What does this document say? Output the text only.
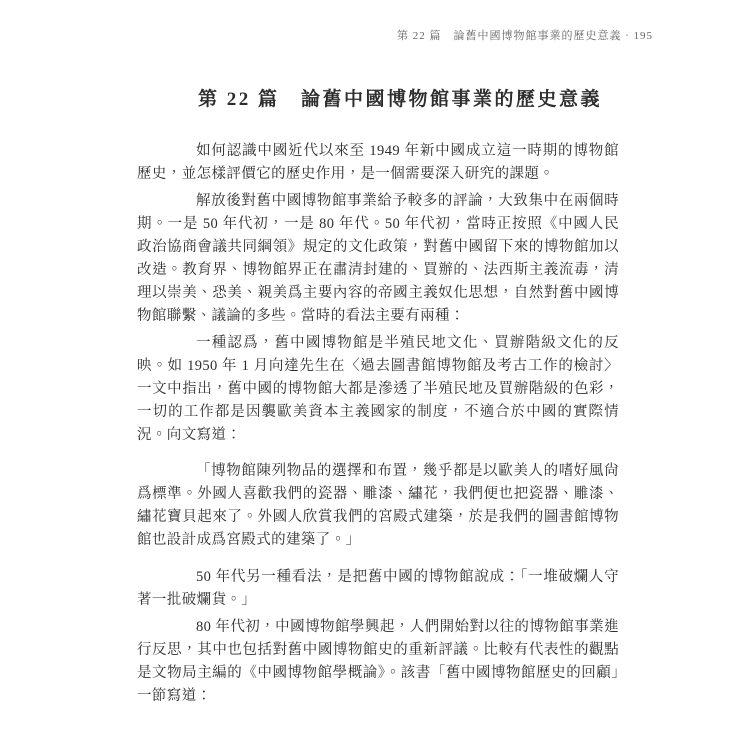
第 22 篇　論舊中國博物館事業的歷史意義‧195
第 22 篇　論舊中國博物館事業的歷史意義

如何認識中國近代以來至 1949 年新中國成立這一時期的博物館歷史，並怎樣評價它的歷史作用，是一個需要深入研究的課題。

解放後對舊中國博物館事業給予較多的評論，大致集中在兩個時期。一是 50 年代初，一是 80 年代。50 年代初，當時正按照《中國人民政治協商會議共同綱領》規定的文化政策，對舊中國留下來的博物館加以改造。教育界、博物館界正在肅清封建的、買辦的、法西斯主義流毒，清理以崇美、恐美、親美爲主要內容的帝國主義奴化思想，自然對舊中國博物館聯繫、議論的多些。當時的看法主要有兩種：

一種認爲，舊中國博物館是半殖民地文化、買辦階級文化的反映。如 1950 年 1 月向達先生在〈過去圖書館博物館及考古工作的檢討〉一文中指出，舊中國的博物館大都是滲透了半殖民地及買辦階級的色彩，一切的工作都是因襲歐美資本主義國家的制度，不適合於中國的實際情況。向文寫道：

「博物館陳列物品的選擇和布置，幾乎都是以歐美人的嗜好風尙爲標準。外國人喜歡我們的瓷器、雕漆、繡花，我們便也把瓷器、雕漆、繡花寶貝起來了。外國人欣賞我們的宮殿式建築，於是我們的圖書館博物館也設計成爲宮殿式的建築了。」

50 年代另一種看法，是把舊中國的博物館說成：「一堆破爛人守著一批破爛貨。」

80 年代初，中國博物館學興起，人們開始對以往的博物館事業進行反思，其中也包括對舊中國博物館史的重新評議。比較有代表性的觀點是文物局主編的《中國博物館學概論》。該書「舊中國博物館歷史的回顧」一節寫道：
